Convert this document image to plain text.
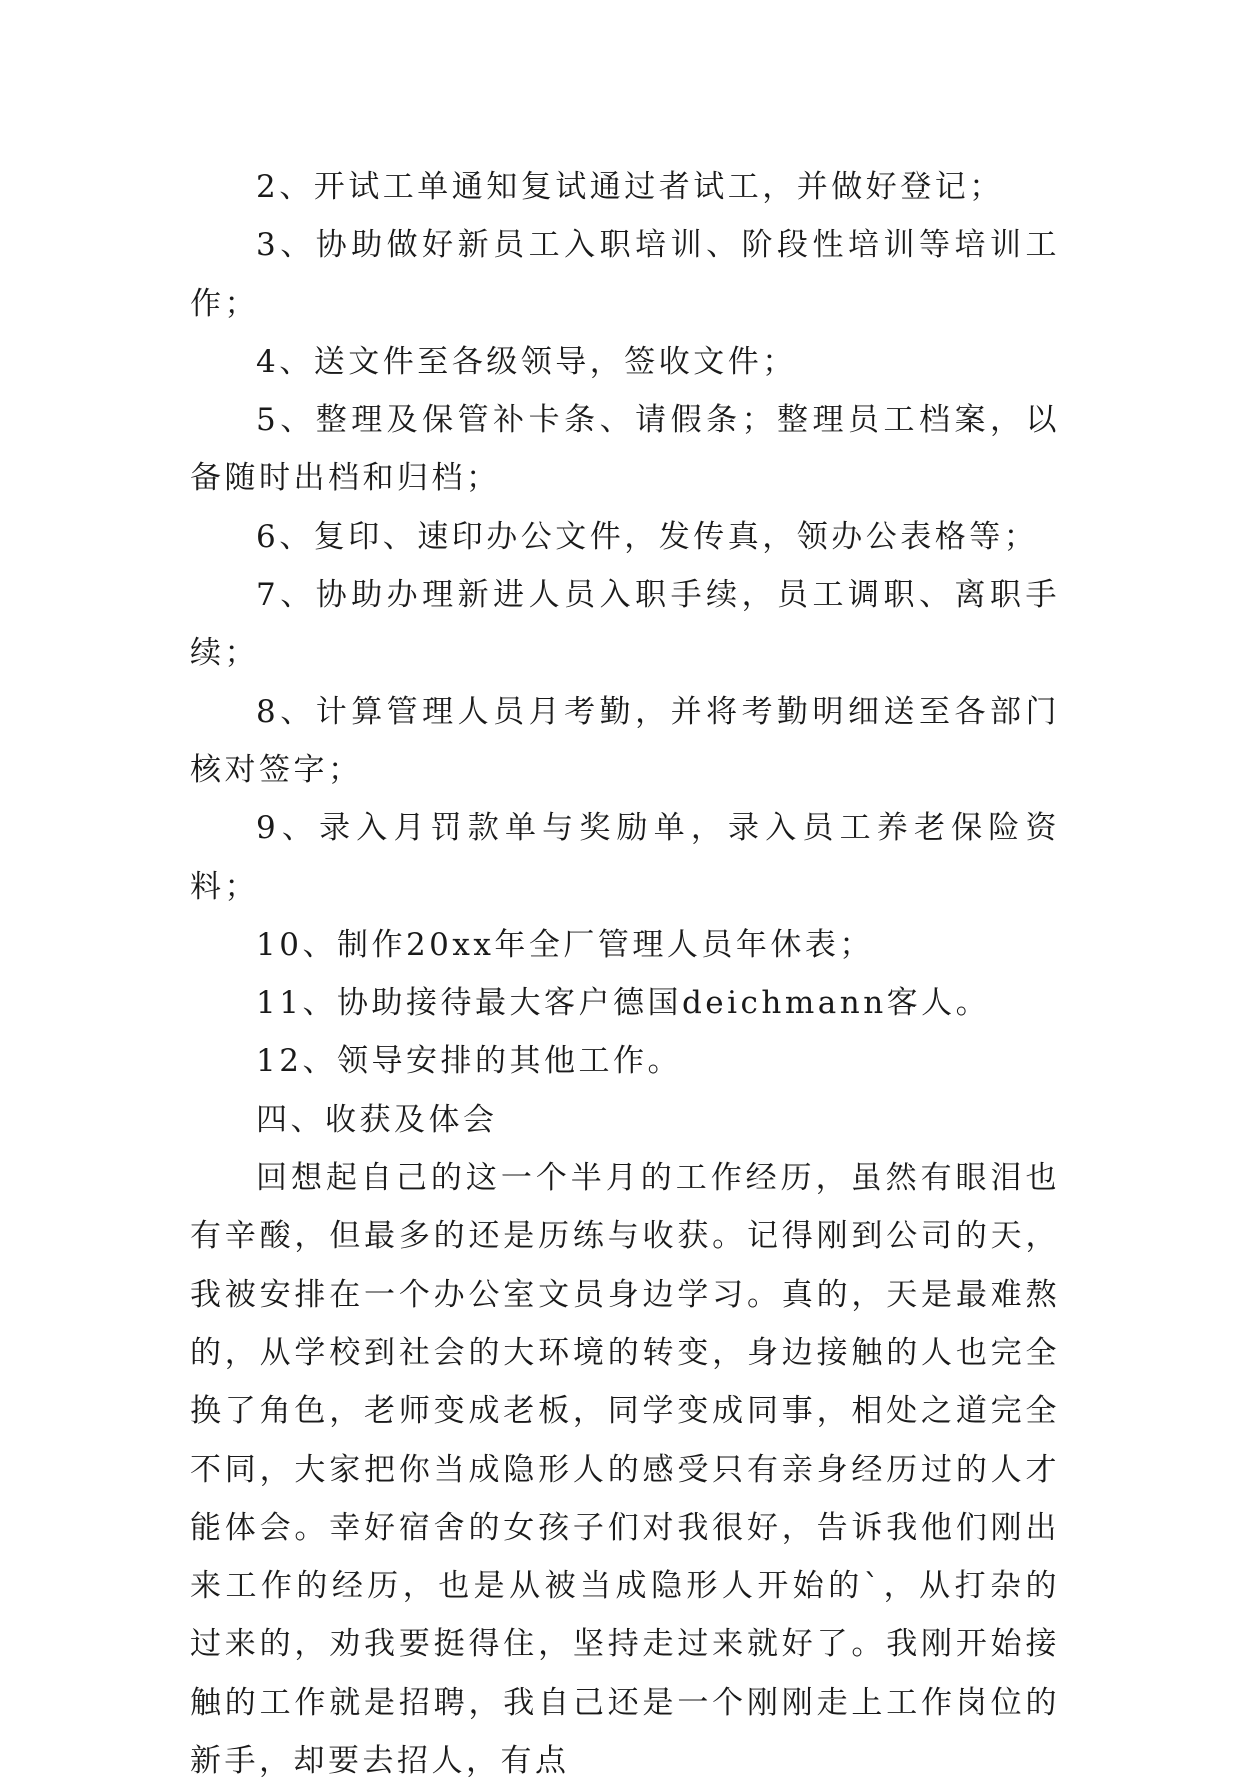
2、开试工单通知复试通过者试工，并做好登记；

3、协助做好新员工入职培训、阶段性培训等培训工作；

4、送文件至各级领导，签收文件；

5、整理及保管补卡条、请假条；整理员工档案，以备随时出档和归档；

6、复印、速印办公文件，发传真，领办公表格等；

7、协助办理新进人员入职手续，员工调职、离职手续；

8、计算管理人员月考勤，并将考勤明细送至各部门核对签字；

9、录入月罚款单与奖励单，录入员工养老保险资料；

10、制作20xx年全厂管理人员年休表；

11、协助接待最大客户德国deichmann客人。

12、领导安排的其他工作。

四、收获及体会

回想起自己的这一个半月的工作经历，虽然有眼泪也有辛酸，但最多的还是历练与收获。记得刚到公司的天，我被安排在一个办公室文员身边学习。真的，天是最难熬的，从学校到社会的大环境的转变，身边接触的人也完全换了角色，老师变成老板，同学变成同事，相处之道完全不同，大家把你当成隐形人的感受只有亲身经历过的人才能体会。幸好宿舍的女孩子们对我很好，告诉我他们刚出来工作的经历，也是从被当成隐形人开始的`，从打杂的过来的，劝我要挺得住，坚持走过来就好了。我刚开始接触的工作就是招聘，我自己还是一个刚刚走上工作岗位的新手，却要去招人，有点
